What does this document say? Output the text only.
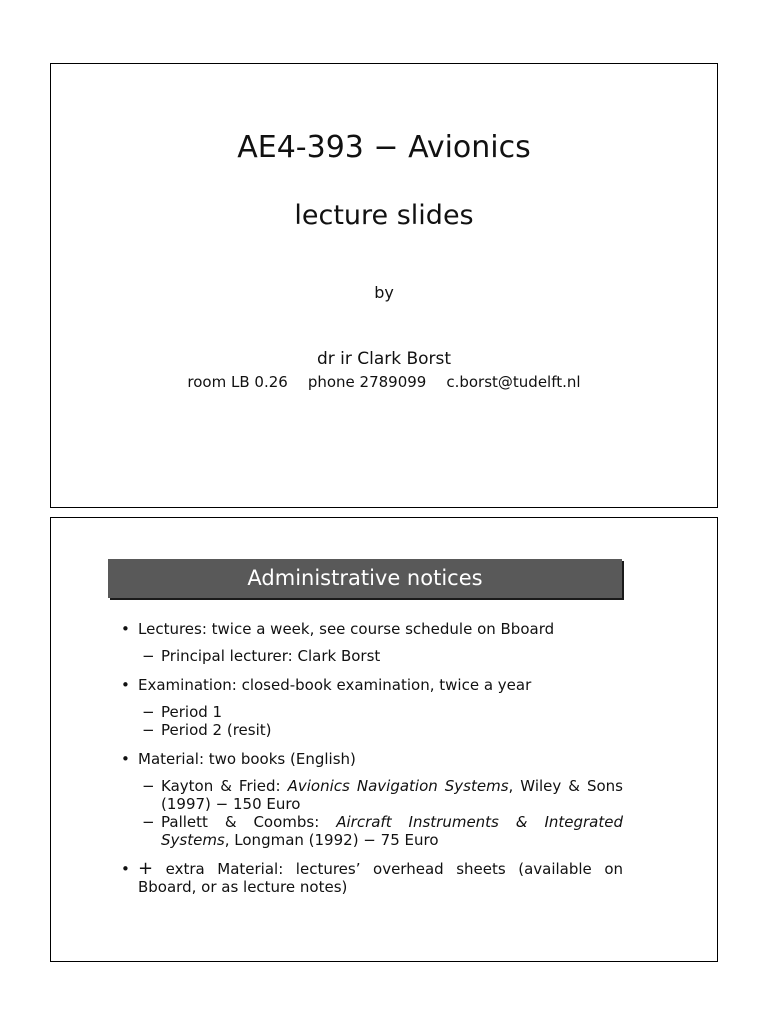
AE4-393 − Avionics
lecture slides
by
dr ir Clark Borst
room LB 0.26 phone 2789099 c.borst@tudelft.nl
Administrative notices
• Lectures: twice a week, see course schedule on Bboard
− Principal lecturer: Clark Borst
• Examination: closed-book examination, twice a year
− Period 1
− Period 2 (resit)
• Material: two books (English)
− Kayton & Fried: Avionics Navigation Systems, Wiley & Sons (1997) − 150 Euro
− Pallett & Coombs: Aircraft Instruments & Integrated Systems, Longman (1992) − 75 Euro
• + extra Material: lectures’ overhead sheets (available on Bboard, or as lecture notes)
